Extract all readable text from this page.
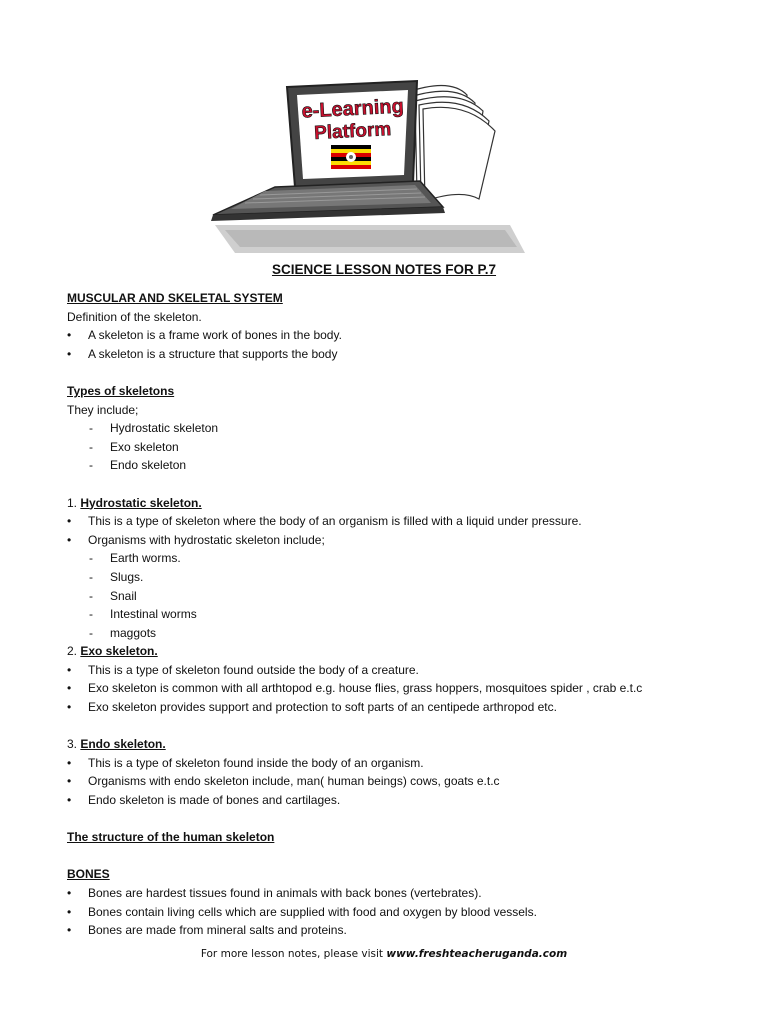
e-Learning
Platform
SCIENCE LESSON NOTES FOR P.7
MUSCULAR AND SKELETAL SYSTEM
Definition of the skeleton.
• A skeleton is a frame work of bones in the body.
• A skeleton is a structure that supports the body
Types of skeletons
They include;
- Hydrostatic skeleton
- Exo skeleton
- Endo skeleton
1. Hydrostatic skeleton.
• This is a type of skeleton where the body of an organism is filled with a liquid under pressure.
• Organisms with hydrostatic skeleton include;
- Earth worms.
- Slugs.
- Snail
- Intestinal worms
- maggots
2. Exo skeleton.
• This is a type of skeleton found outside the body of a creature.
• Exo skeleton is common with all arthtopod e.g. house flies, grass hoppers, mosquitoes spider , crab e.t.c
• Exo skeleton provides support and protection to soft parts of an centipede arthropod etc.
3. Endo skeleton.
• This is a type of skeleton found inside the body of an organism.
• Organisms with endo skeleton include, man( human beings) cows, goats e.t.c
• Endo skeleton is made of bones and cartilages.
The structure of the human skeleton
BONES
• Bones are hardest tissues found in animals with back bones (vertebrates).
• Bones contain living cells which are supplied with food and oxygen by blood vessels.
• Bones are made from mineral salts and proteins.
For more lesson notes, please visit www.freshteacheruganda.com
